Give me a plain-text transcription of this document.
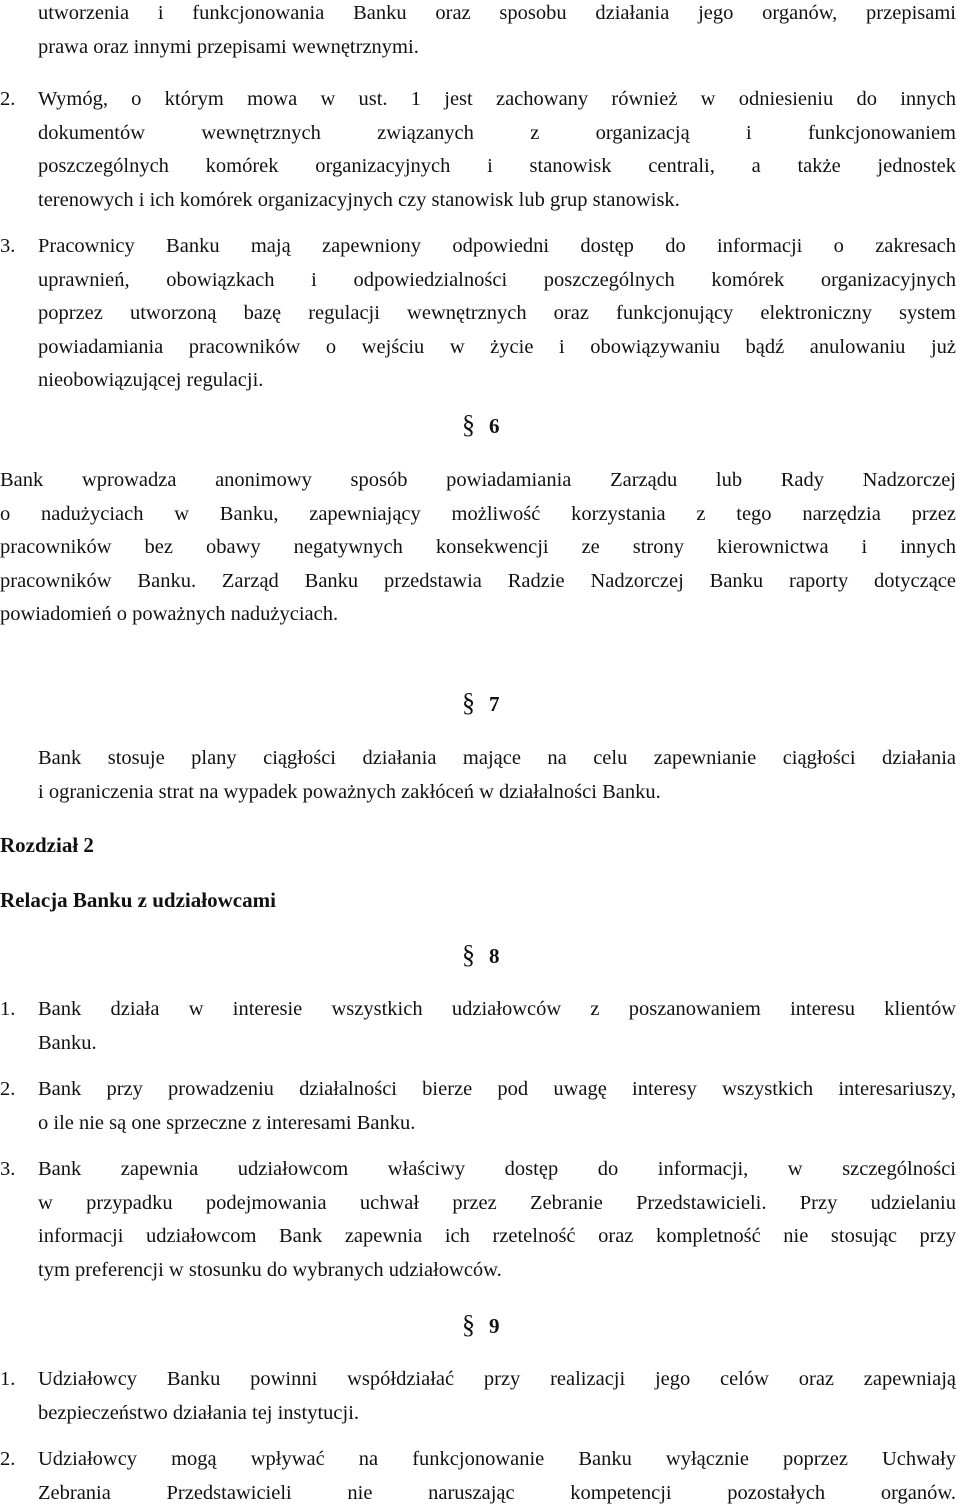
utworzenia i funkcjonowania Banku oraz sposobu działania jego organów, przepisami
prawa oraz innymi przepisami wewnętrznymi.
2. Wymóg, o którym mowa w ust. 1 jest zachowany również w odniesieniu do innych
dokumentów wewnętrznych związanych z organizacją i funkcjonowaniem
poszczególnych komórek organizacyjnych i stanowisk centrali, a także jednostek
terenowych i ich komórek organizacyjnych czy stanowisk lub grup stanowisk.
3. Pracownicy Banku mają zapewniony odpowiedni dostęp do informacji o zakresach
uprawnień, obowiązkach i odpowiedzialności poszczególnych komórek organizacyjnych
poprzez utworzoną bazę regulacji wewnętrznych oraz funkcjonujący elektroniczny system
powiadamiania pracowników o wejściu w życie i obowiązywaniu bądź anulowaniu już
nieobowiązującej regulacji.
§ 6
Bank wprowadza anonimowy sposób powiadamiania Zarządu lub Rady Nadzorczej
o nadużyciach w Banku, zapewniający możliwość korzystania z tego narzędzia przez
pracowników bez obawy negatywnych konsekwencji ze strony kierownictwa i innych
pracowników Banku. Zarząd Banku przedstawia Radzie Nadzorczej Banku raporty dotyczące
powiadomień o poważnych nadużyciach.
§ 7
Bank stosuje plany ciągłości działania mające na celu zapewnianie ciągłości działania
i ograniczenia strat na wypadek poważnych zakłóceń w działalności Banku.
Rozdział 2
Relacja Banku z udziałowcami
§ 8
1. Bank działa w interesie wszystkich udziałowców z poszanowaniem interesu klientów
Banku.
2. Bank przy prowadzeniu działalności bierze pod uwagę interesy wszystkich interesariuszy,
o ile nie są one sprzeczne z interesami Banku.
3. Bank zapewnia udziałowcom właściwy dostęp do informacji, w szczególności
w przypadku podejmowania uchwał przez Zebranie Przedstawicieli. Przy udzielaniu
informacji udziałowcom Bank zapewnia ich rzetelność oraz kompletność nie stosując przy
tym preferencji w stosunku do wybranych udziałowców.
§ 9
1. Udziałowcy Banku powinni współdziałać przy realizacji jego celów oraz zapewniają
bezpieczeństwo działania tej instytucji.
2. Udziałowcy mogą wpływać na funkcjonowanie Banku wyłącznie poprzez Uchwały
Zebrania Przedstawicieli nie naruszając kompetencji pozostałych organów.
